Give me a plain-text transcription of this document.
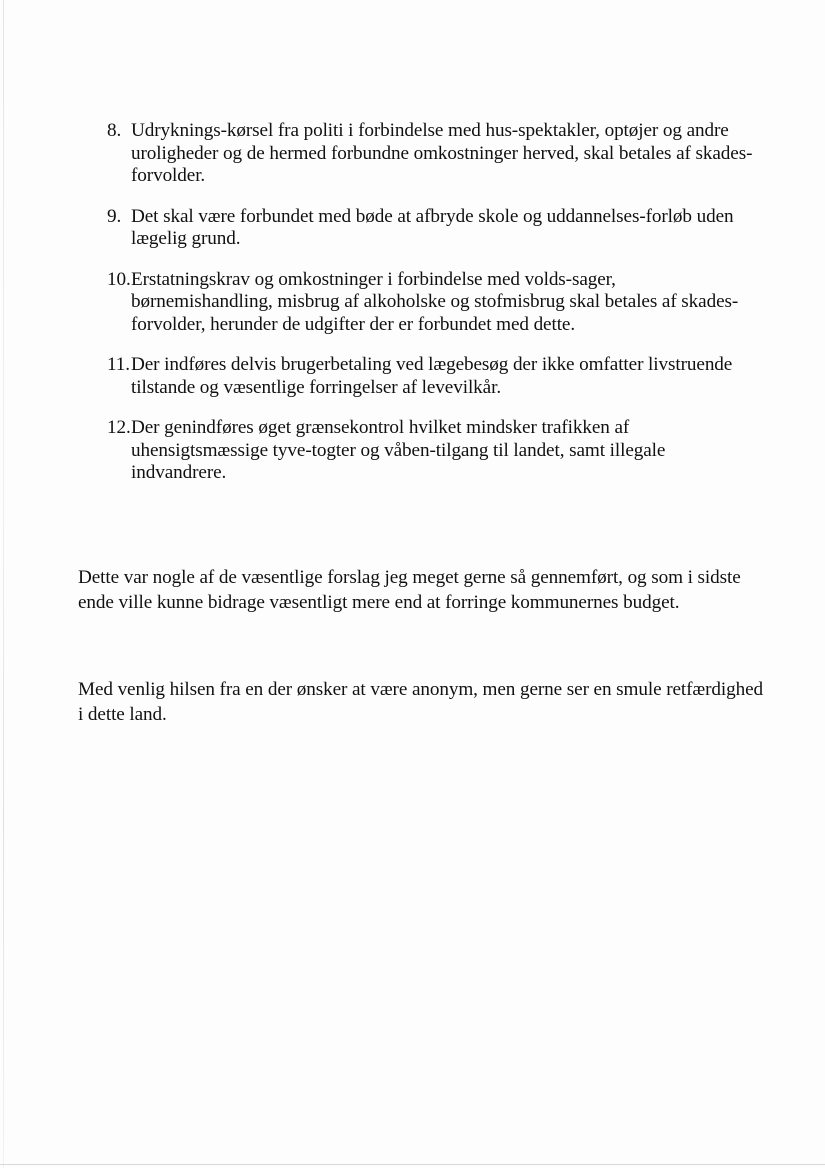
8. Udryknings-kørsel fra politi i forbindelse med hus-spektakler, optøjer og andre uroligheder og de hermed forbundne omkostninger herved, skal betales af skades-forvolder.
9. Det skal være forbundet med bøde at afbryde skole og uddannelses-forløb uden lægelig grund.
10. Erstatningskrav og omkostninger i forbindelse med volds-sager, børnemishandling, misbrug af alkoholske og stofmisbrug skal betales af skades-forvolder, herunder de udgifter der er forbundet med dette.
11. Der indføres delvis brugerbetaling ved lægebesøg der ikke omfatter livstruende tilstande og væsentlige forringelser af levevilkår.
12. Der genindføres øget grænsekontrol hvilket mindsker trafikken af uhensigtsmæssige tyve-togter og våben-tilgang til landet, samt illegale indvandrere.

Dette var nogle af de væsentlige forslag jeg meget gerne så gennemført, og som i sidste ende ville kunne bidrage væsentligt mere end at forringe kommunernes budget.

Med venlig hilsen fra en der ønsker at være anonym, men gerne ser en smule retfærdighed i dette land.
